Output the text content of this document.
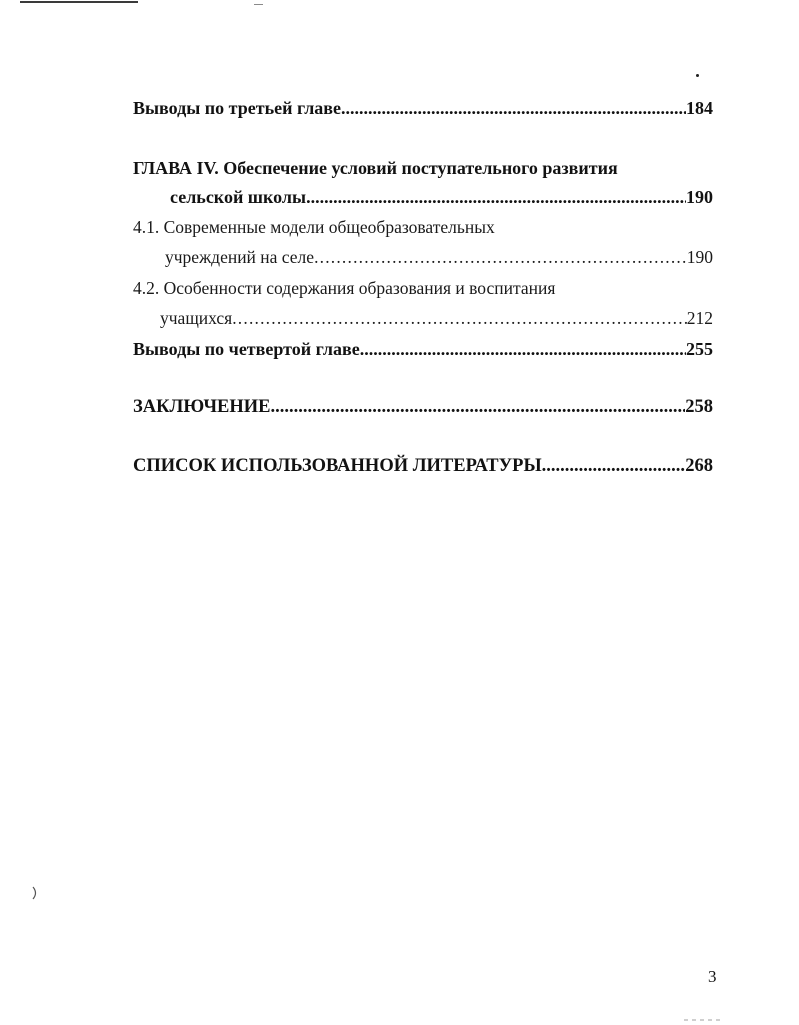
Выводы по третьей главе .....	184
ГЛАВА IV. Обеспечение условий поступательного развития
сельской школы .....	190
4.1. Современные модели общеобразовательных
учреждений на селе .....	190
4.2. Особенности содержания образования и воспитания
учащихся .....	212
Выводы по четвертой главе .....	255
ЗАКЛЮЧЕНИЕ .....	258
СПИСОК ИСПОЛЬЗОВАННОЙ ЛИТЕРАТУРЫ .....	268
3
